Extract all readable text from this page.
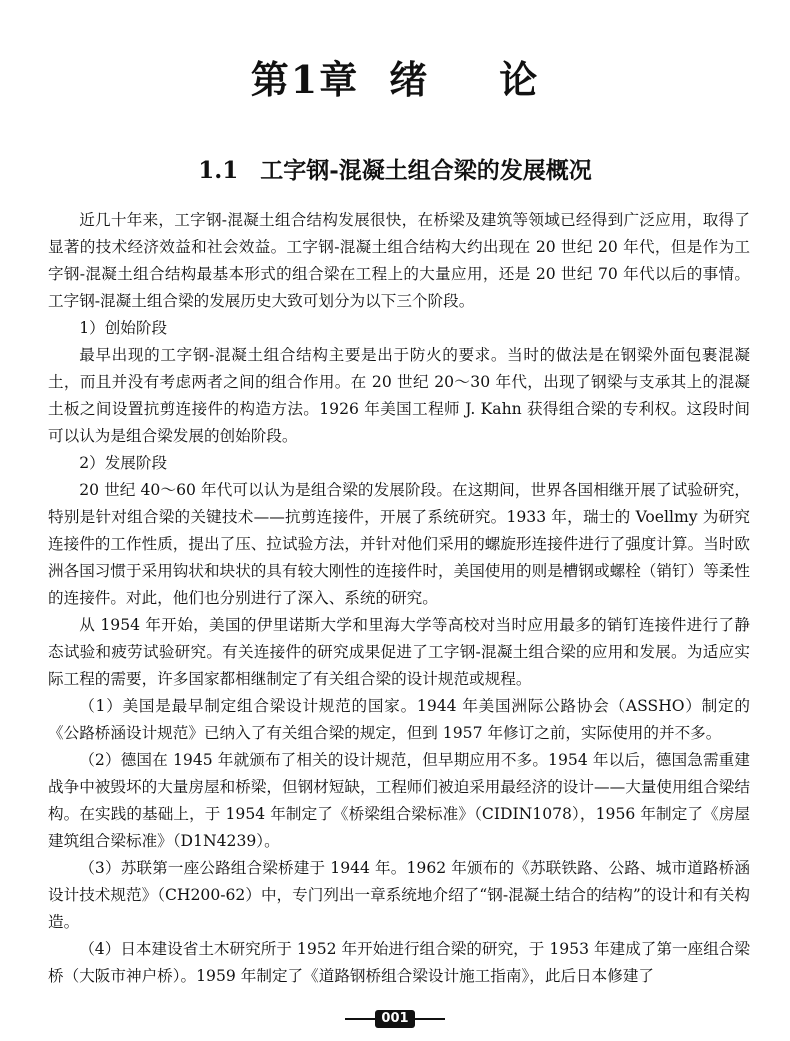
第1章 绪 论
1.1 工字钢-混凝土组合梁的发展概况

近几十年来，工字钢-混凝土组合结构发展很快，在桥梁及建筑等领域已经得到广泛应用，取得了显著的技术经济效益和社会效益。工字钢-混凝土组合结构大约出现在 20 世纪 20 年代，但是作为工字钢-混凝土组合结构最基本形式的组合梁在工程上的大量应用，还是 20 世纪 70 年代以后的事情。工字钢-混凝土组合梁的发展历史大致可划分为以下三个阶段。

1）创始阶段

最早出现的工字钢-混凝土组合结构主要是出于防火的要求。当时的做法是在钢梁外面包裹混凝土，而且并没有考虑两者之间的组合作用。在 20 世纪 20～30 年代，出现了钢梁与支承其上的混凝土板之间设置抗剪连接件的构造方法。1926 年美国工程师 J. Kahn 获得组合梁的专利权。这段时间可以认为是组合梁发展的创始阶段。

2）发展阶段

20 世纪 40～60 年代可以认为是组合梁的发展阶段。在这期间，世界各国相继开展了试验研究，特别是针对组合梁的关键技术——抗剪连接件，开展了系统研究。1933 年，瑞士的 Voellmy 为研究连接件的工作性质，提出了压、拉试验方法，并针对他们采用的螺旋形连接件进行了强度计算。当时欧洲各国习惯于采用钩状和块状的具有较大刚性的连接件时，美国使用的则是槽钢或螺栓（销钉）等柔性的连接件。对此，他们也分别进行了深入、系统的研究。

从 1954 年开始，美国的伊里诺斯大学和里海大学等高校对当时应用最多的销钉连接件进行了静态试验和疲劳试验研究。有关连接件的研究成果促进了工字钢-混凝土组合梁的应用和发展。为适应实际工程的需要，许多国家都相继制定了有关组合梁的设计规范或规程。

（1）美国是最早制定组合梁设计规范的国家。1944 年美国洲际公路协会（ASSHO）制定的《公路桥涵设计规范》已纳入了有关组合梁的规定，但到 1957 年修订之前，实际使用的并不多。

（2）德国在 1945 年就颁布了相关的设计规范，但早期应用不多。1954 年以后，德国急需重建战争中被毁坏的大量房屋和桥梁，但钢材短缺，工程师们被迫采用最经济的设计——大量使用组合梁结构。在实践的基础上，于 1954 年制定了《桥梁组合梁标准》（CIDIN1078），1956 年制定了《房屋建筑组合梁标准》（D1N4239）。

（3）苏联第一座公路组合梁桥建于 1944 年。1962 年颁布的《苏联铁路、公路、城市道路桥涵设计技术规范》（CH200-62）中，专门列出一章系统地介绍了“钢-混凝土结合的结构”的设计和有关构造。

（4）日本建设省土木研究所于 1952 年开始进行组合梁的研究，于 1953 年建成了第一座组合梁桥（大阪市神户桥）。1959 年制定了《道路钢桥组合梁设计施工指南》，此后日本修建了

001
